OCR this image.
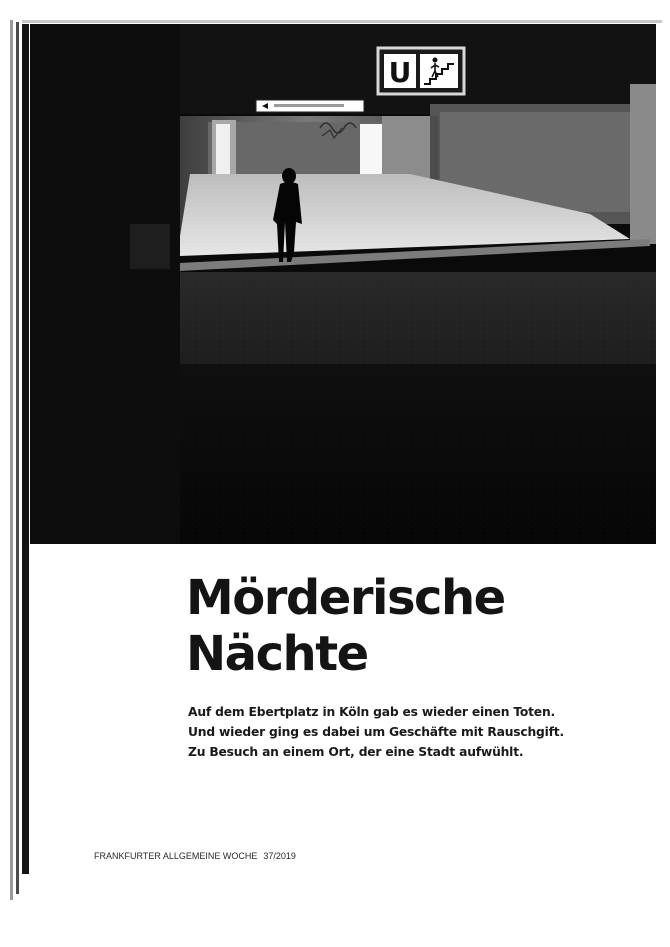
U
Mörderische
Nächte

Auf dem Ebertplatz in Köln gab es wieder einen Toten.
Und wieder ging es dabei um Geschäfte mit Rauschgift.
Zu Besuch an einem Ort, der eine Stadt aufwühlt.

FRANKFURTER ALLGEMEINE WOCHE 37/2019
